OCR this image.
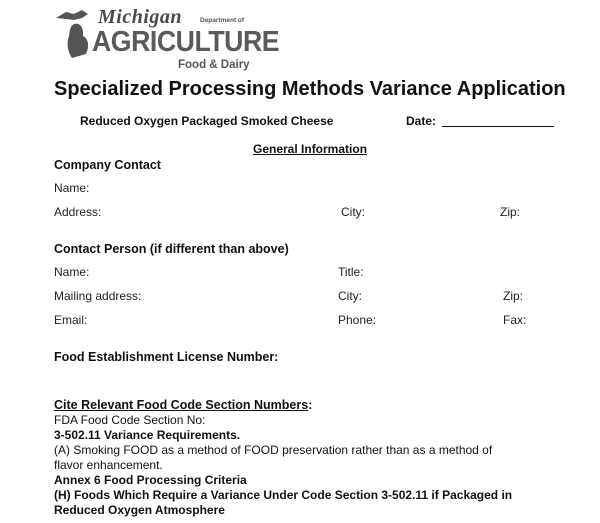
Michigan	Department of
AGRICULTURE
Food & Dairy
Specialized Processing Methods Variance Application
Reduced Oxygen Packaged Smoked Cheese	Date:
General Information
Company Contact
Name:
Address:	City:	Zip:
Contact Person (if different than above)
Name:	Title:
Mailing address:	City:	Zip:
Email:	Phone:	Fax:
Food Establishment License Number:
Cite Relevant Food Code Section Numbers:
FDA Food Code Section No:
3-502.11 Variance Requirements.
(A) Smoking FOOD as a method of FOOD preservation rather than as a method of
flavor enhancement.
Annex 6 Food Processing Criteria
(H) Foods Which Require a Variance Under Code Section 3-502.11 if Packaged in
Reduced Oxygen Atmosphere
